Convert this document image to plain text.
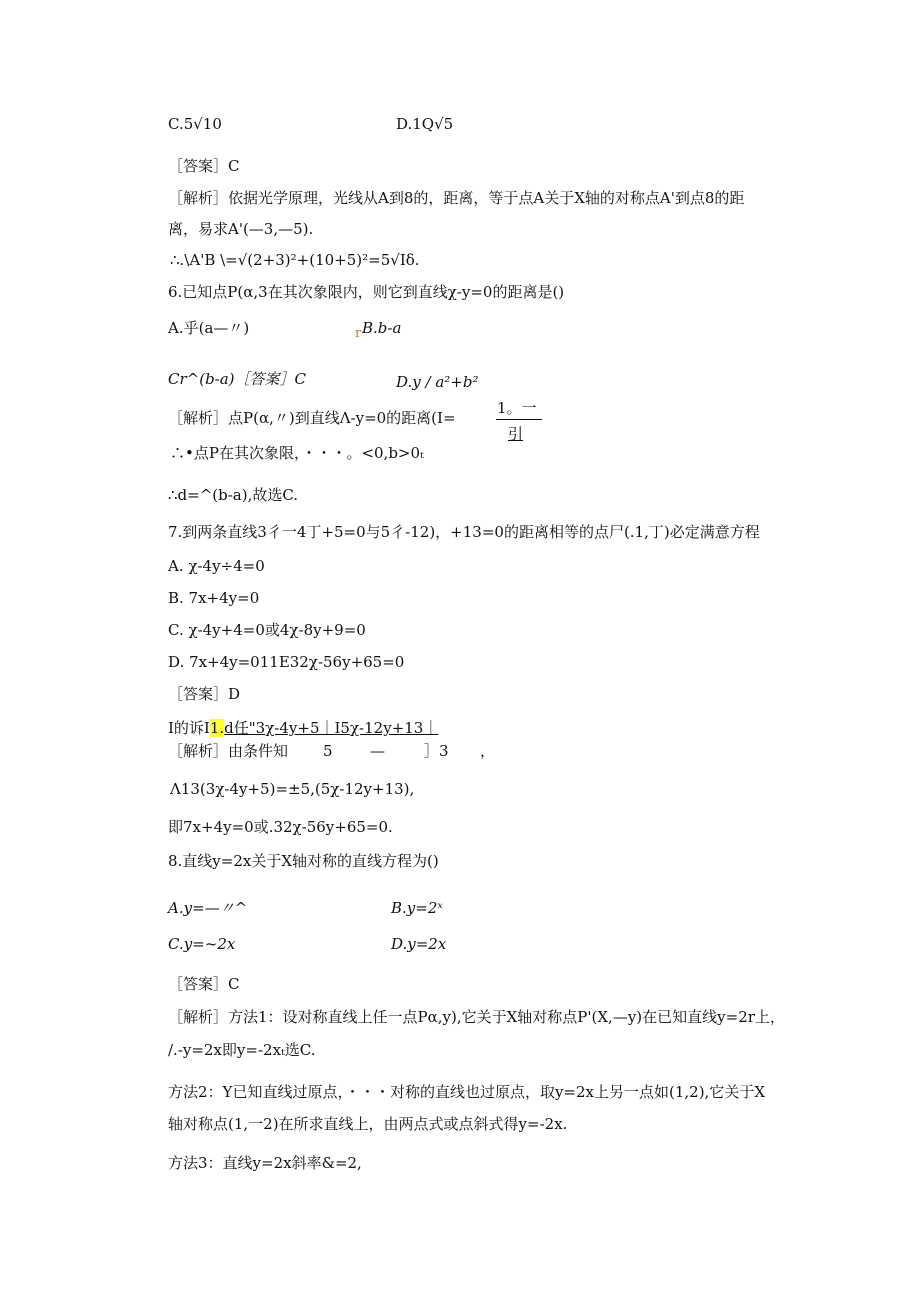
C.5√10	D.1Q√5
［答案］C
［解析］依据光学原理，光线从A到8的，距离，等于点A关于X轴的对称点A'到点8的距
离，易求A'(—3,—5).
∴.\A'B \=√(2+3)²+(10+5)²=5√Iδ.
6.已知点P(α,3在其次象限内，则它到直线χ-y=0的距离是()
A.乎(a—〃)	r B.b-a
Cr^(b-a)［答案］C	D.y / a²+b²
［解析］点P(α,〃)到直线Λ-y=0的距离(I=
1。一
引
∴•点P在其次象限，・・・。<0,b>0ₜ
∴d=^(b-a),故选C.
7.到两条直线3彳一4丁+5=0与5彳-12)，+13=0的距离相等的点尸(.1,丁)必定满意方程
A. χ-4y÷4=0
B. 7x+4y=0
C. χ-4y+4=0或4χ-8y+9=0
D. 7x+4y=011E32χ-56y+65=0
［答案］D
I的诉I1.d任"3χ-4y+5｜I5χ-12y+13｜
［解析］由条件知 5 —	］3 ，
Λ13(3χ-4y+5)=±5,(5χ-12y+13),
即7x+4y=0或.32χ-56y+65=0.
8.直线y=2x关于X轴对称的直线方程为()
A.y=—〃^	B.y=2ˣ
C.y=~2x	D.y=2x
［答案］C
［解析］方法1：设对称直线上任一点Pα,y),它关于X轴对称点P'(X,—y)在已知直线y=2r上，
/.-y=2x即y=-2xₜ选C.
方法2：Y已知直线过原点，・・・对称的直线也过原点，取y=2x上另一点如(1,2),它关于X
轴对称点(1,一2)在所求直线上，由两点式或点斜式得y=-2x.
方法3：直线y=2x斜率&=2,
